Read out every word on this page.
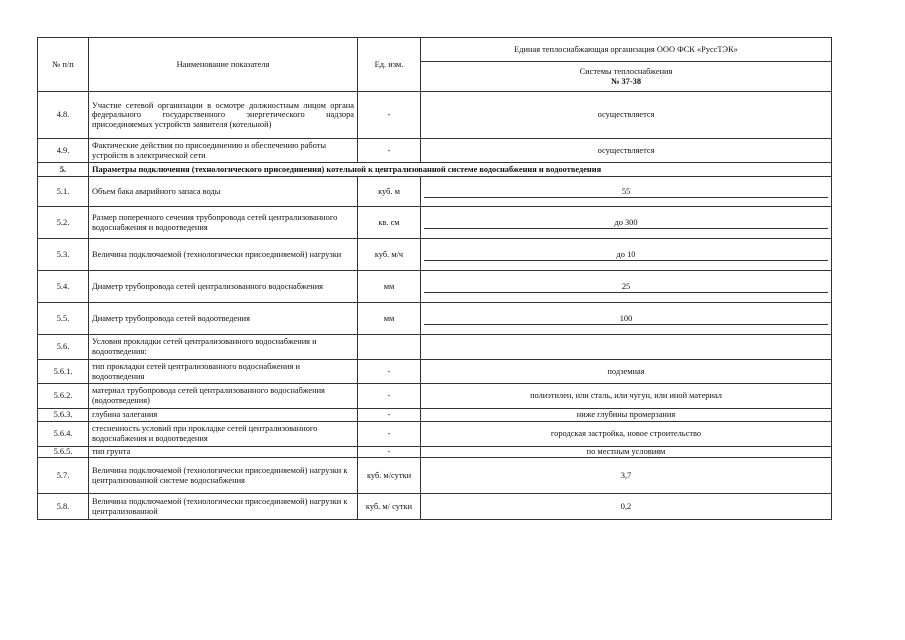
№ п/п	Наименование показателя	Ед. изм.	Единая теплоснабжающая организация ООО ФСК «РуссТЭК»

			Системы теплоснабжения
№ 37-38

4.8.	Участие сетевой организации в осмотре должностным лицом органа федерального государственного энергетического надзора присоединяемых устройств заявителя (котельной)	-	осуществляется
4.9.	Фактические действия по присоединению и обеспечению работы устройств в электрической сети	-	осуществляется
5.	Параметры подключения (технологического присоединения) котельной к централизованной системе водоснабжения и водоотведения		
5.1.	Объем бака аварийного запаса воды	куб. м	55

5.2.	Размер поперечного сечения трубопровода сетей централизованного водоснабжения и водоотведения	кв. см	до 300

5.3.	Величина подключаемой (технологически присоединяемой) нагрузки	куб. м/ч	до 10

5.4.	Диаметр трубопровода сетей централизованного водоснабжения	мм	25

5.5.	Диаметр трубопровода сетей водоотведения	мм	100

5.6.	Условия прокладки сетей централизованного водоснабжения и водоотведения:		
5.6.1.	тип прокладки сетей централизованного водоснабжения и водоотведения	-	подземная
5.6.2.	материал трубопровода сетей централизованного водоснабжения (водоотведения)	-	полиэтилен, или сталь, или чугун, или иной материал
5.6.3.	глубина залегания	-	ниже глубины промерзания
5.6.4.	стесненность условий при прокладке сетей централизованного водоснабжения и водоотведения	-	городская застройка, новое строительство
5.6.5.	тип грунта	-	по местным условиям
5.7.	Величина подключаемой (технологически присоединяемой) нагрузки к централизованной системе водоснабжения	куб. м/сутки	3,7
5.8.	Величина подключаемой (технологически присоединяемой) нагрузки к централизованной	куб. м/ сутки	0,2
